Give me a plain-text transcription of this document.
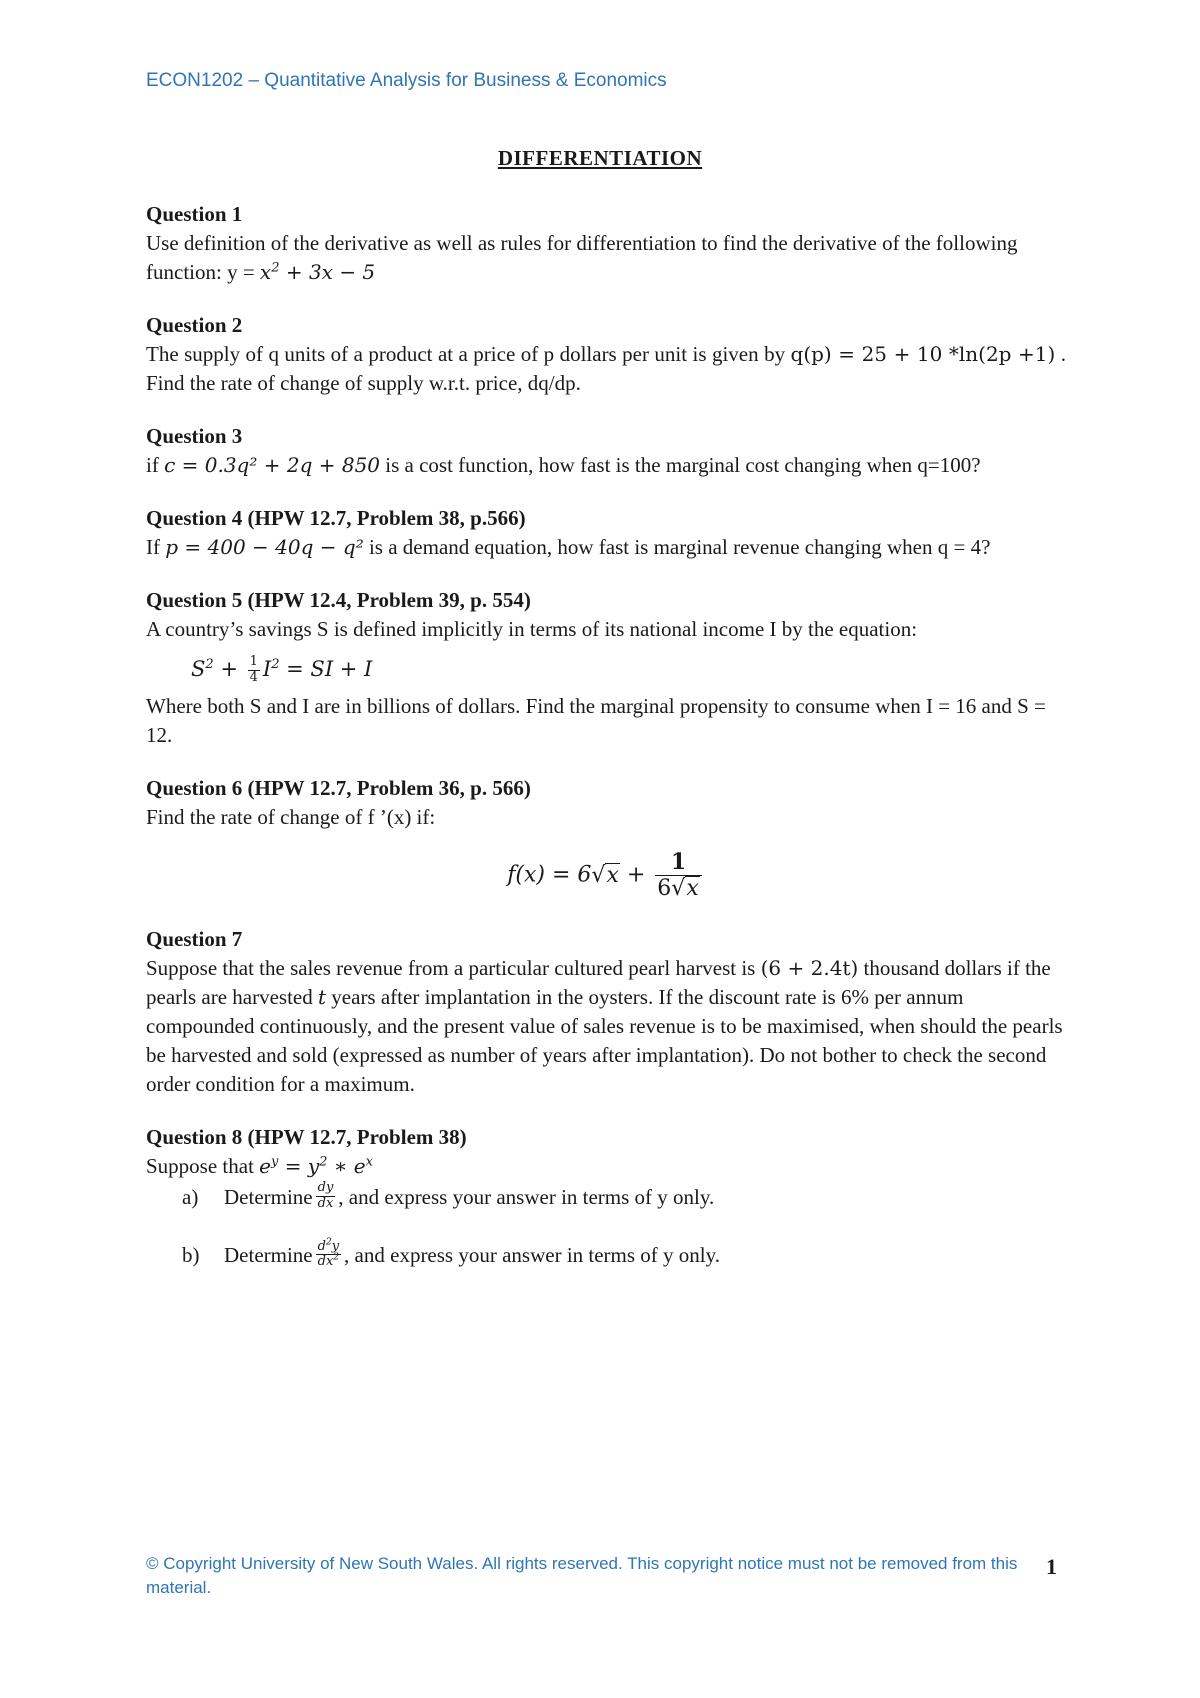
ECON1202 – Quantitative Analysis for Business & Economics
DIFFERENTIATION
Question 1
Use definition of the derivative as well as rules for differentiation to find the derivative of the following function: $y = x^2 + 3x - 5$
Question 2
The supply of q units of a product at a price of p dollars per unit is given by q(p) = 25 + 10 *ln(2p +1) . Find the rate of change of supply w.r.t. price, dq/dp.
Question 3
if c = 0.3q² + 2q + 850 is a cost function, how fast is the marginal cost changing when q=100?
Question 4 (HPW 12.7, Problem 38, p.566)
If p = 400 − 40q − q² is a demand equation, how fast is marginal revenue changing when q = 4?
Question 5 (HPW 12.4, Problem 39, p. 554)
A country’s savings S is defined implicitly in terms of its national income I by the equation:
$S^2 + \frac{1}{4} I^2$ = SI + I
Where both S and I are in billions of dollars. Find the marginal propensity to consume when I = 16 and S = 12.
Question 6 (HPW 12.7, Problem 36, p. 566)
Find the rate of change of f ’(x) if:
f(x) = 6√ $x + \frac{1}{6√ x}$
Question 7
Suppose that the sales revenue from a particular cultured pearl harvest is (6 + 2.4t) thousand dollars if the pearls are harvested t years after implantation in the oysters. If the discount rate is 6% per annum compounded continuously, and the present value of sales revenue is to be maximised, when should the pearls be harvested and sold (expressed as number of years after implantation). Do not bother to check the second order condition for a maximum.
Question 8 (HPW 12.7, Problem 38)
Suppose that $e^y = y^2$ ∗ $e^x$
a)	Determine $\frac{dy}{dx}$ , and express your answer in terms of y only.
b)	Determine $\frac{d^2y}{dx^2}$ , and express your answer in terms of y only.
© Copyright University of New South Wales. All rights reserved. This copyright notice must not be removed from this material.
1
